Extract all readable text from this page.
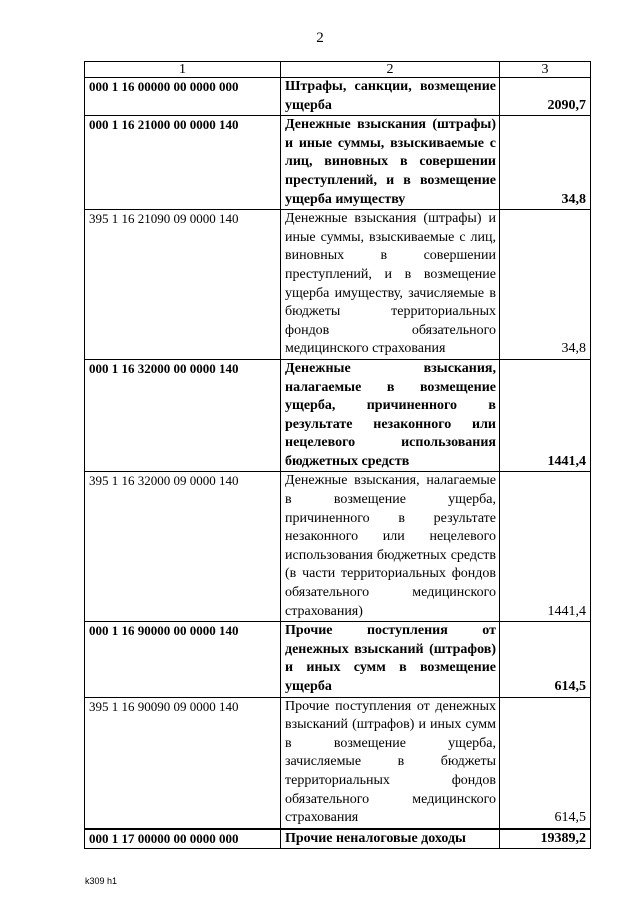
2
1	2	3
000 1 16 00000 00 0000 000	Штрафы, санкции, возмещение ущерба	2090,7
000 1 16 21000 00 0000 140	Денежные взыскания (штрафы) и иные суммы, взыскиваемые с лиц, виновных в совершении преступлений, и в возмещение ущерба имуществу	34,8
395 1 16 21090 09 0000 140	Денежные взыскания (штрафы) и иные суммы, взыскиваемые с лиц, виновных в совершении преступлений, и в возмещение ущерба имуществу, зачисляемые в бюджеты территориальных фондов обязательного медицинского страхования	34,8
000 1 16 32000 00 0000 140	Денежные взыскания, налагаемые в возмещение ущерба, причиненного в результате незаконного или нецелевого использования бюджетных средств	1441,4
395 1 16 32000 09 0000 140	Денежные взыскания, налагаемые в возмещение ущерба, причиненного в результате незаконного или нецелевого использования бюджетных средств (в части территориальных фондов обязательного медицинского страхования)	1441,4
000 1 16 90000 00 0000 140	Прочие поступления от денежных взысканий (штрафов) и иных сумм в возмещение ущерба	614,5
395 1 16 90090 09 0000 140	Прочие поступления от денежных взысканий (штрафов) и иных сумм в возмещение ущерба, зачисляемые в бюджеты территориальных фондов обязательного медицинского страхования	614,5
000 1 17 00000 00 0000 000	Прочие неналоговые доходы	19389,2
k309 h1
